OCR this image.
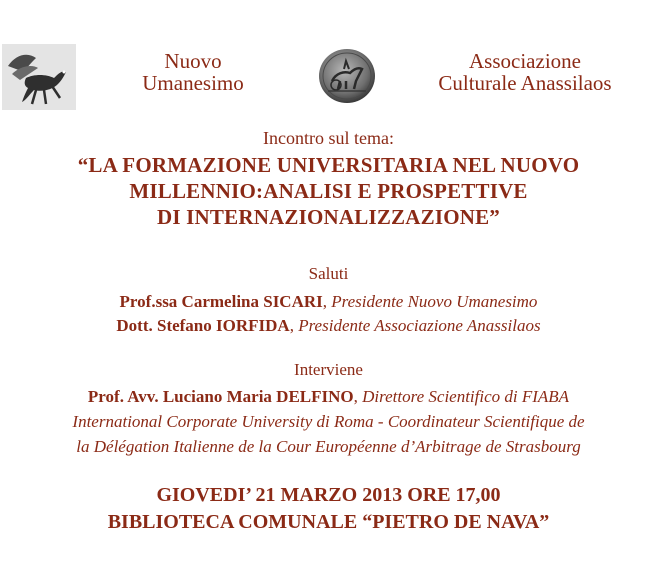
Nuovo
Umanesimo
Associazione
Culturale Anassilaos
Incontro sul tema:
“LA FORMAZIONE UNIVERSITARIA NEL NUOVO
MILLENNIO:ANALISI E PROSPETTIVE
DI INTERNAZIONALIZZAZIONE”
Saluti
Prof.ssa Carmelina SICARI, Presidente Nuovo Umanesimo
Dott. Stefano IORFIDA, Presidente Associazione Anassilaos
Interviene
Prof. Avv. Luciano Maria DELFINO, Direttore Scientifico di FIABA
International Corporate University di Roma - Coordinateur Scientifique de
la Délégation Italienne de la Cour Européenne d’Arbitrage de Strasbourg
GIOVEDI’ 21 MARZO 2013 ORE 17,00
BIBLIOTECA COMUNALE “PIETRO DE NAVA”
